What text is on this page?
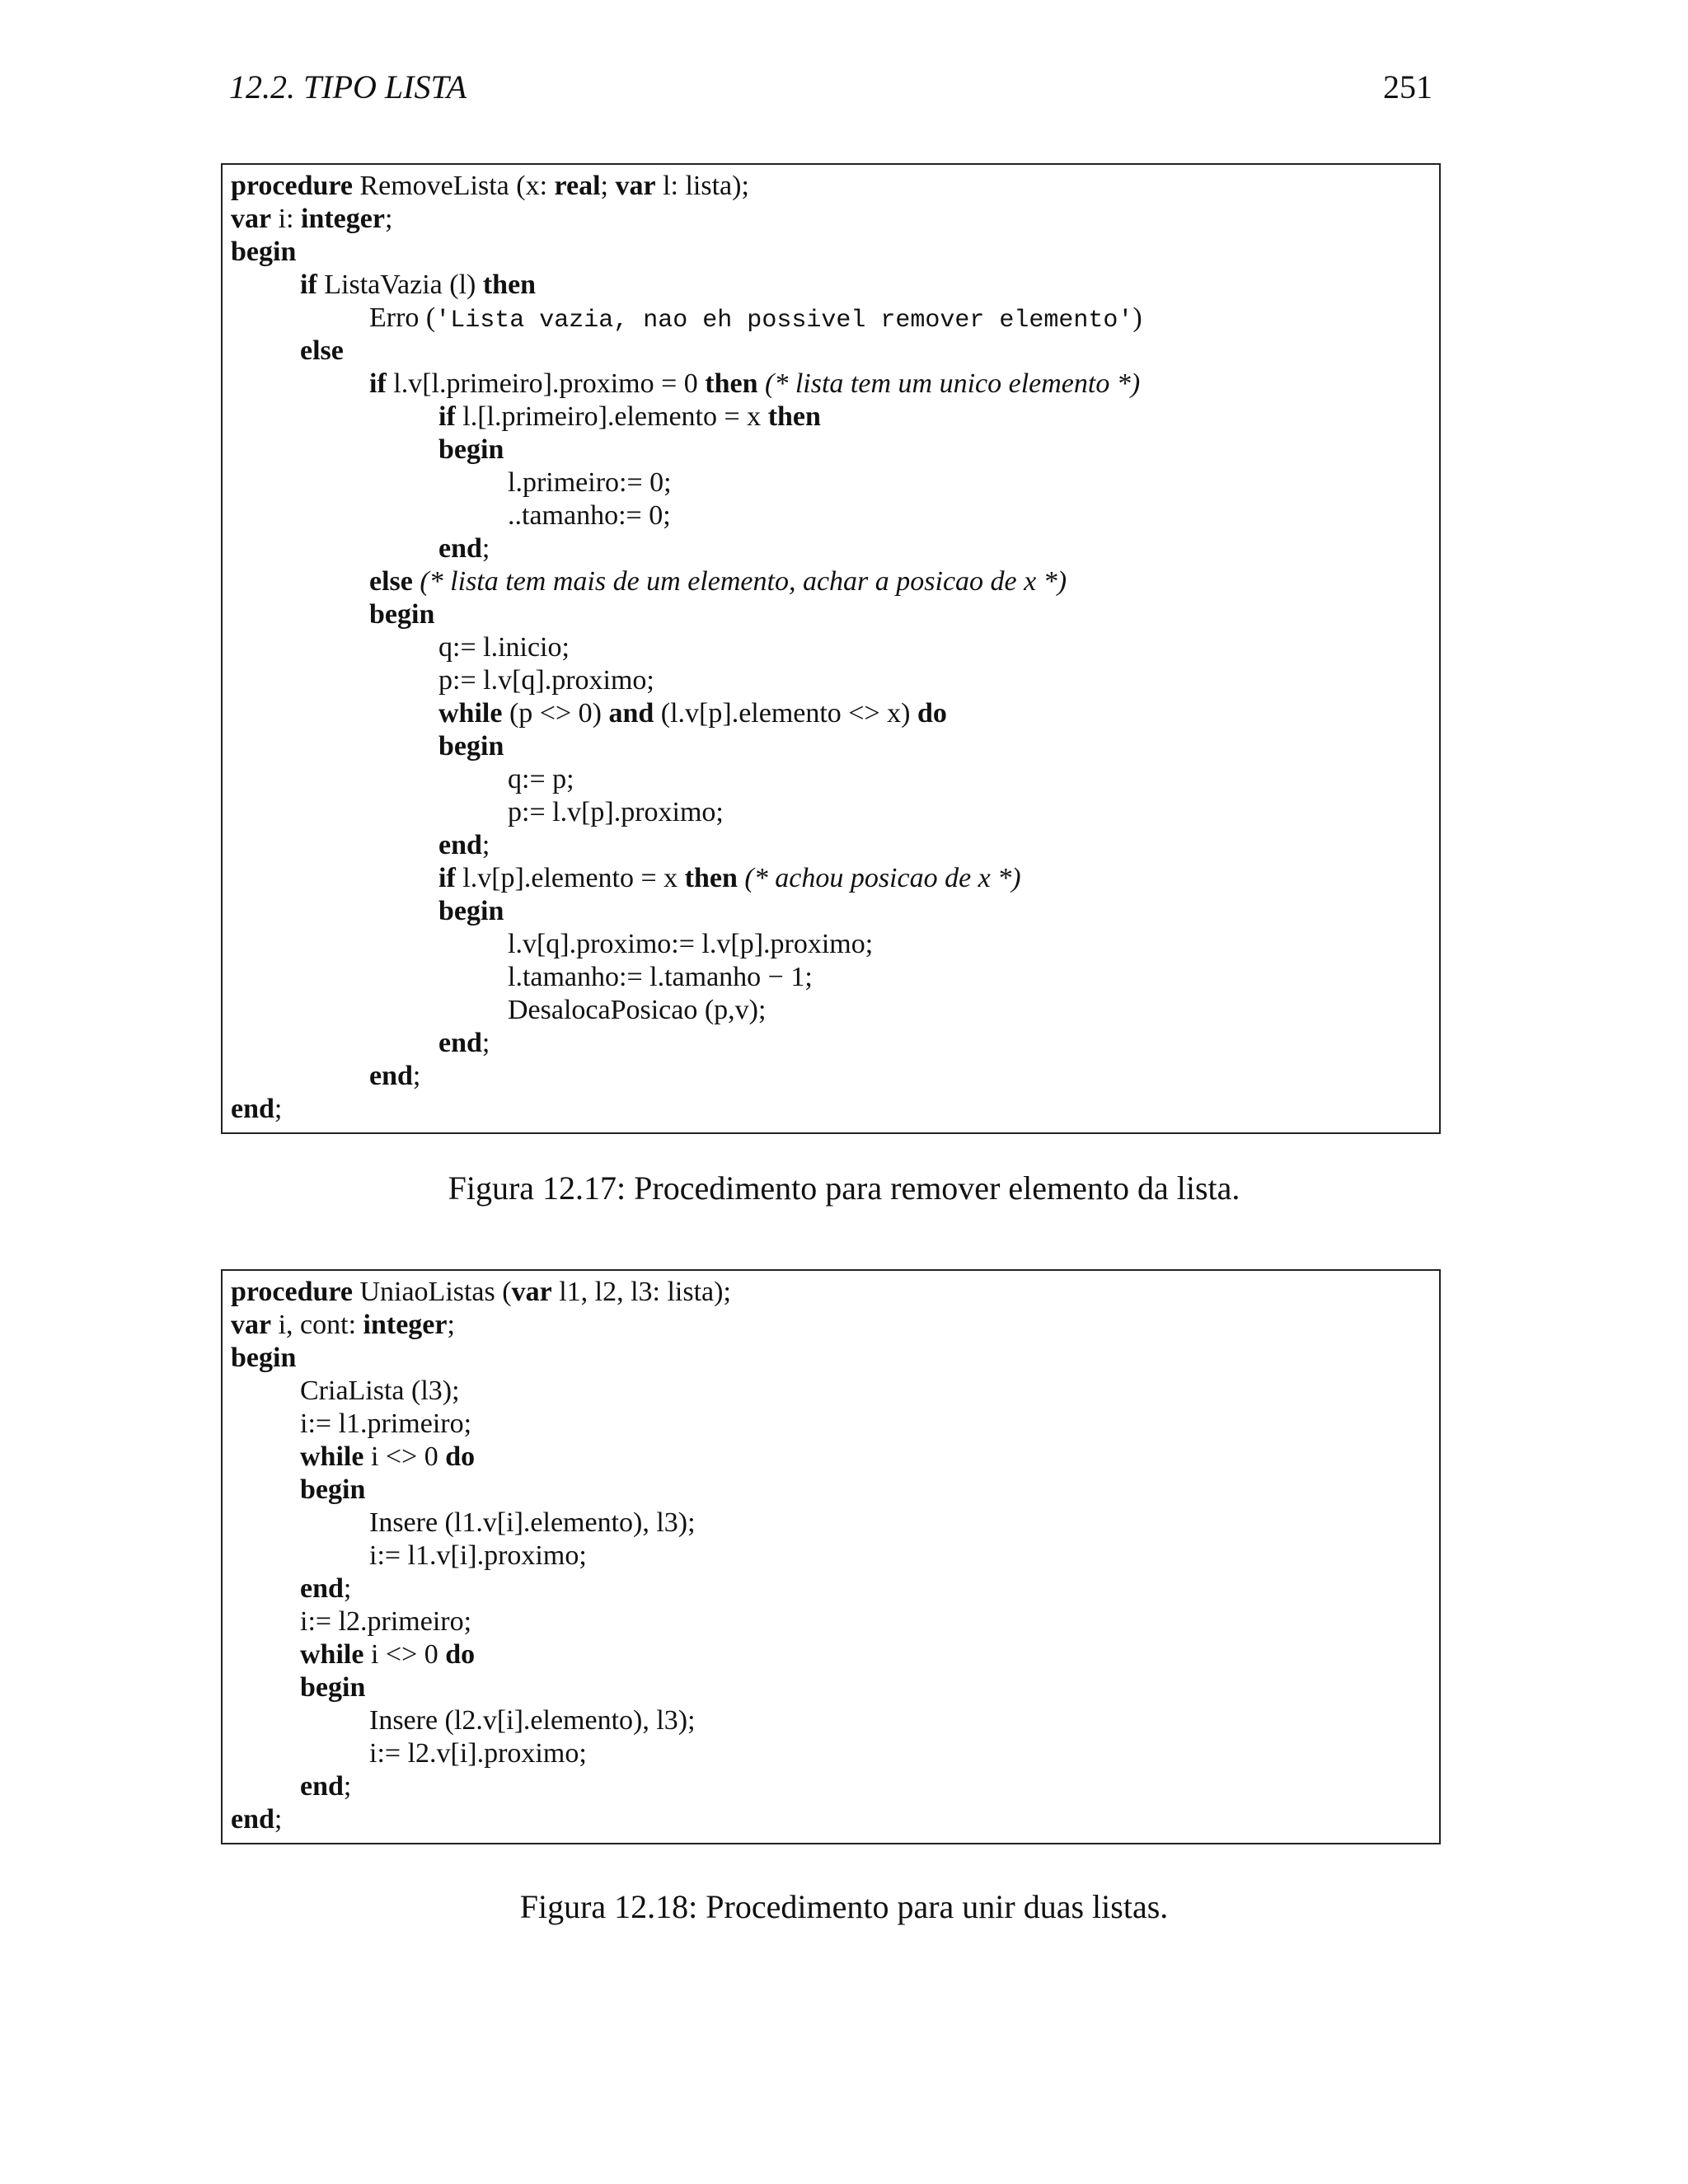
12.2. TIPO LISTA	251
procedure RemoveLista (x: real; var l: lista);
var i: integer;
begin
if ListaVazia (l) then
Erro ('Lista vazia, nao eh possivel remover elemento')
else
if l.v[l.primeiro].proximo = 0 then (* lista tem um unico elemento *)
if l.[l.primeiro].elemento = x then
begin
l.primeiro:= 0;
..tamanho:= 0;
end;
else (* lista tem mais de um elemento, achar a posicao de x *)
begin
q:= l.inicio;
p:= l.v[q].proximo;
while (p <> 0) and (l.v[p].elemento <> x) do
begin
q:= p;
p:= l.v[p].proximo;
end;
if l.v[p].elemento = x then (* achou posicao de x *)
begin
l.v[q].proximo:= l.v[p].proximo;
l.tamanho:= l.tamanho − 1;
DesalocaPosicao (p,v);
end;
end;
end;
Figura 12.17: Procedimento para remover elemento da lista.
procedure UniaoListas (var l1, l2, l3: lista);
var i, cont: integer;
begin
CriaLista (l3);
i:= l1.primeiro;
while i <> 0 do
begin
Insere (l1.v[i].elemento), l3);
i:= l1.v[i].proximo;
end;
i:= l2.primeiro;
while i <> 0 do
begin
Insere (l2.v[i].elemento), l3);
i:= l2.v[i].proximo;
end;
end;
Figura 12.18: Procedimento para unir duas listas.
